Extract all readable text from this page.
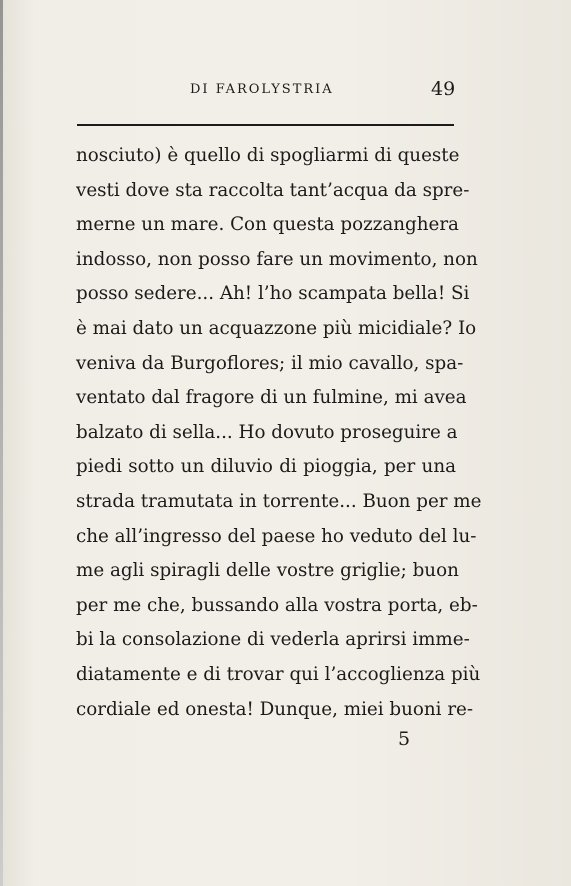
DI FAROLYSTRIA	49
nosciuto) è quello di spogliarmi di queste
vesti dove sta raccolta tant’acqua da spre-
merne un mare. Con questa pozzanghera
indosso, non posso fare un movimento, non
posso sedere... Ah! l’ho scampata bella! Si
è mai dato un acquazzone più micidiale? Io
veniva da Burgoflores; il mio cavallo, spa-
ventato dal fragore di un fulmine, mi avea
balzato di sella... Ho dovuto proseguire a
piedi sotto un diluvio di pioggia, per una
strada tramutata in torrente... Buon per me
che all’ingresso del paese ho veduto del lu-
me agli spiragli delle vostre griglie; buon
per me che, bussando alla vostra porta, eb-
bi la consolazione di vederla aprirsi imme-
diatamente e di trovar qui l’accoglienza più
cordiale ed onesta! Dunque, miei buoni re-
5
